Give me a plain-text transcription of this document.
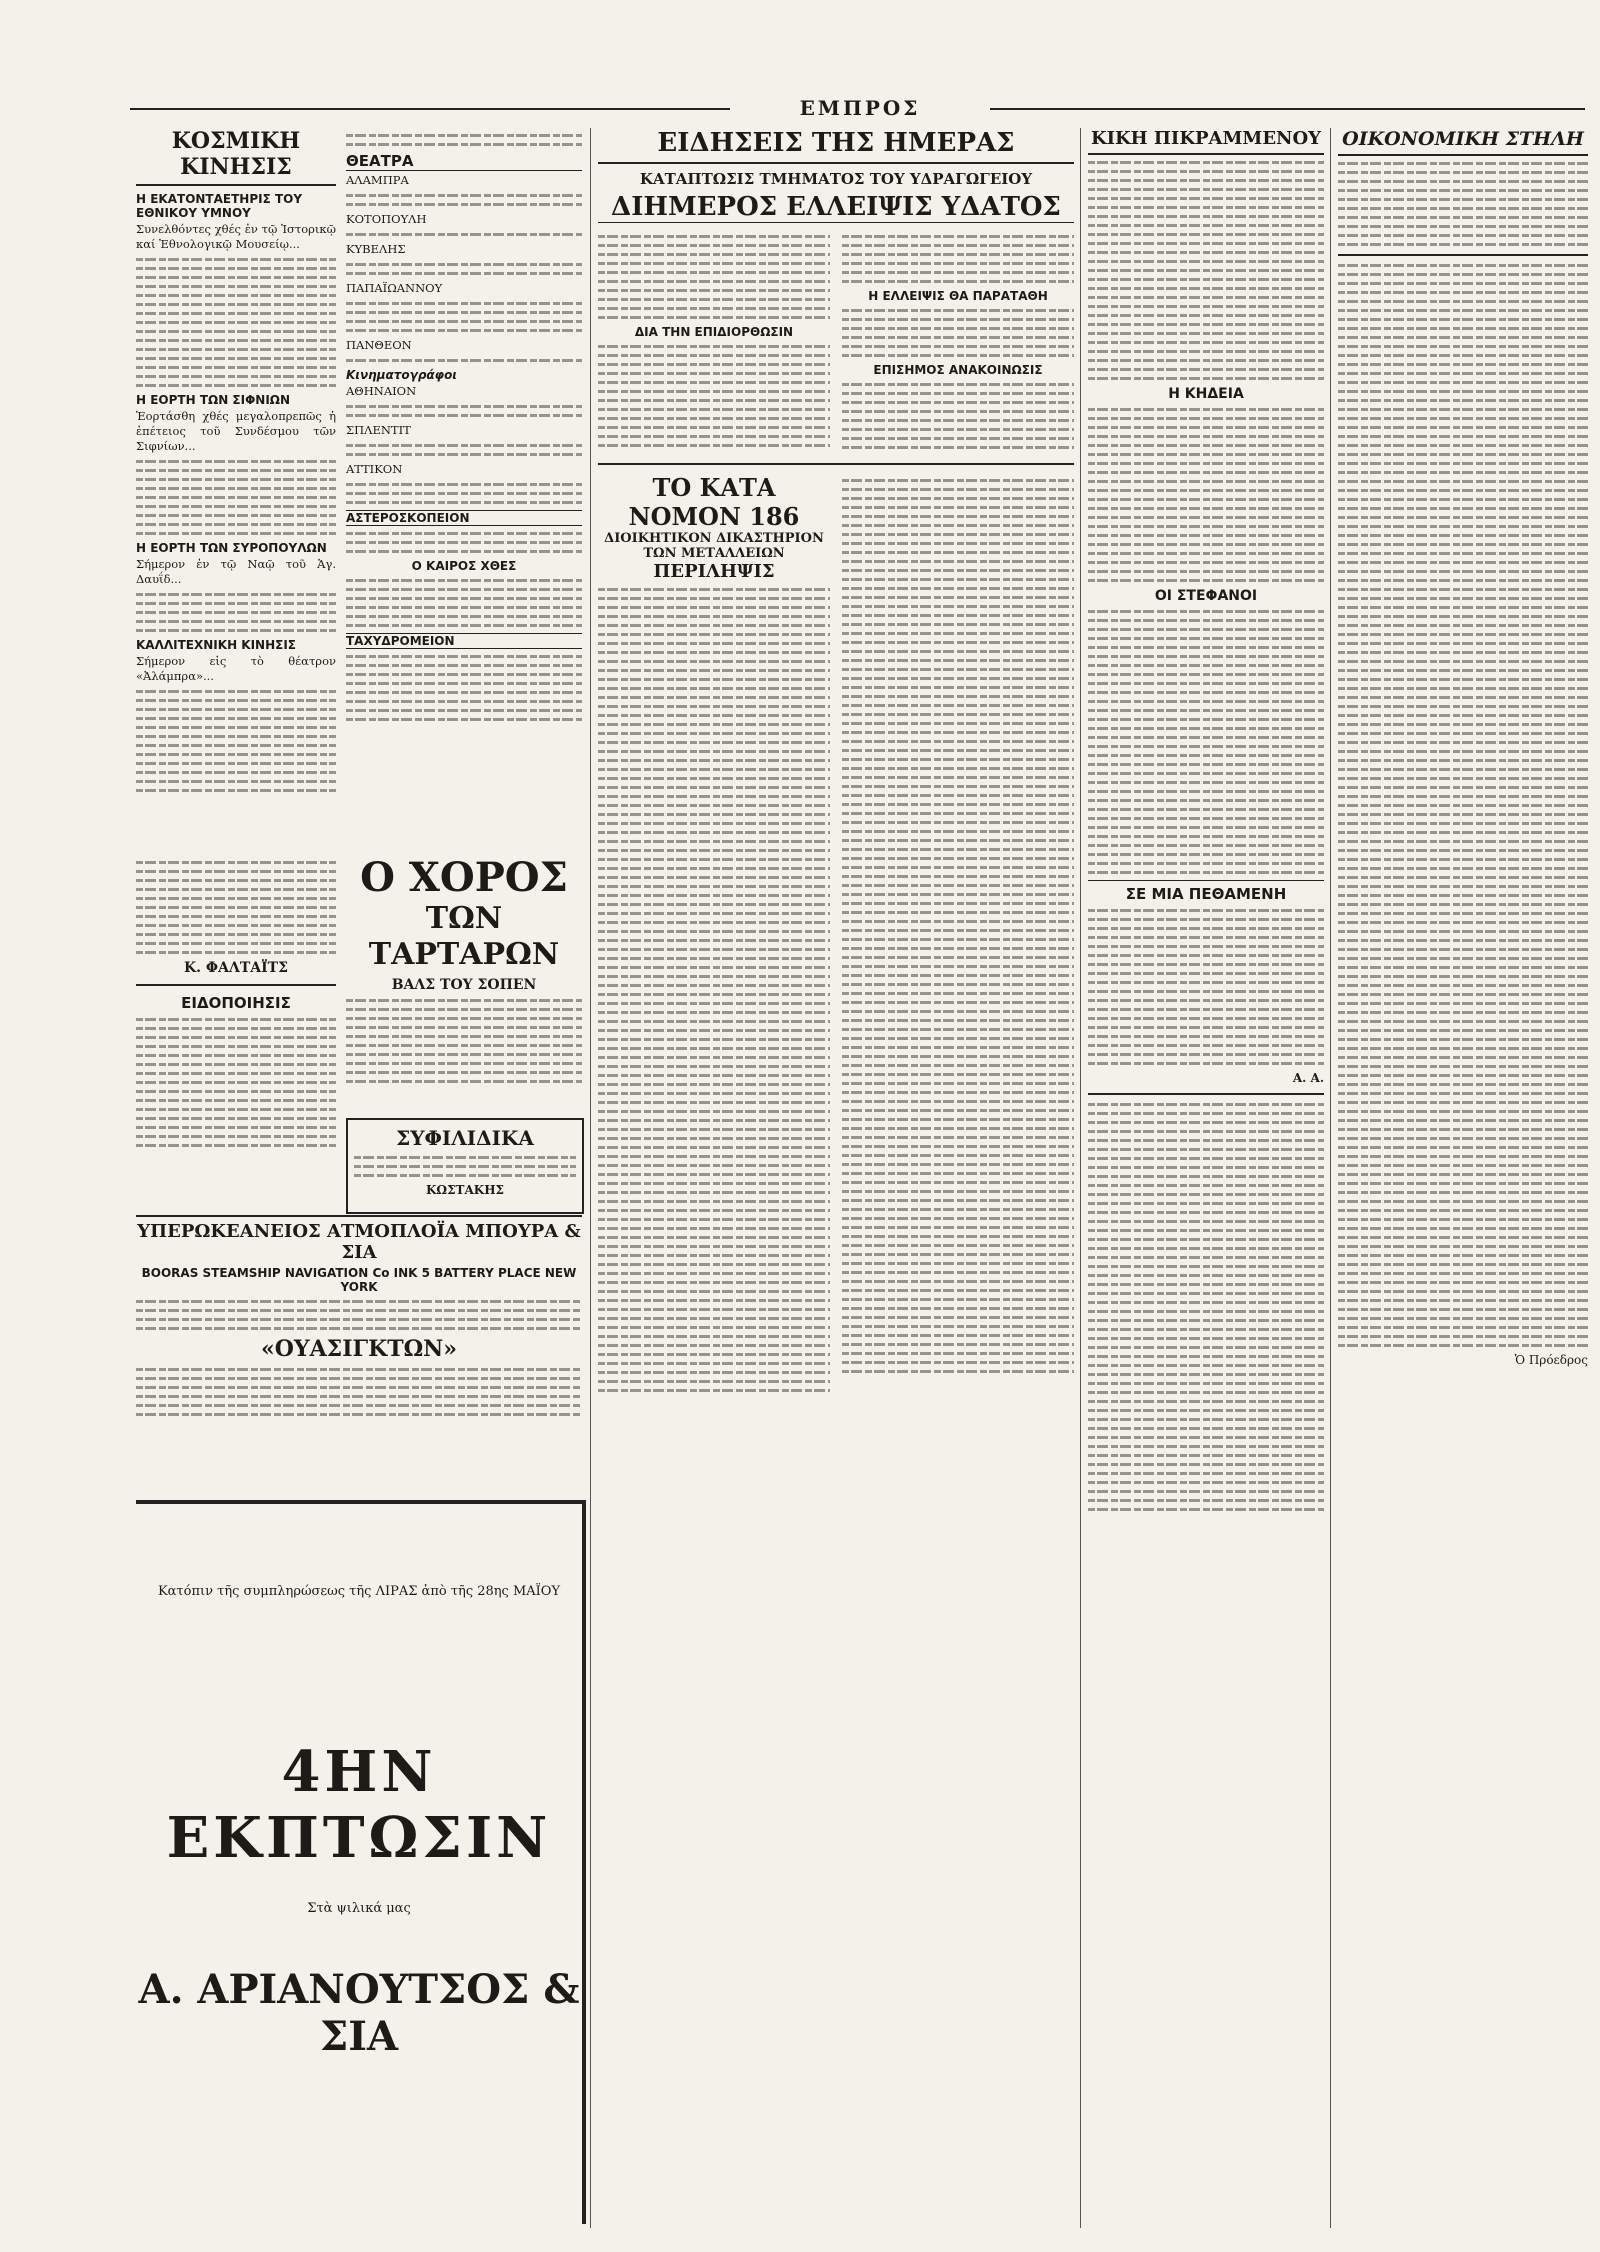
ΕΜΠΡΟΣ
ΚΟΣΜΙΚΗ ΚΙΝΗΣΙΣ
Η ΕΚΑΤΟΝΤΑΕΤΗΡΙΣ ΤΟΥ ΕΘΝΙΚΟΥ ΥΜΝΟΥ

Συνελθόντες χθές ἐν τῷ Ἱστορικῷ καί Ἐθνολογικῷ Μουσείῳ...

Η ΕΟΡΤΗ ΤΩΝ ΣΙΦΝΙΩΝ

Ἑορτάσθη χθές μεγαλοπρεπῶς ἡ ἐπέτειος τοῦ Συνδέσμου τῶν Σιφνίων...

Η ΕΟΡΤΗ ΤΩΝ ΣΥΡΟΠΟΥΛΩΝ

Σήμερον ἐν τῷ Ναῷ τοῦ Ἁγ. Δαυΐδ...

ΚΑΛΛΙΤΕΧΝΙΚΗ ΚΙΝΗΣΙΣ

Σήμερον εἰς τὸ θέατρον «Ἀλάμπρα»...

ΘΕΑΤΡΑ

ΑΛΑΜΠΡΑ

ΚΟΤΟΠΟΥΛΗ

ΚΥΒΕΛΗΣ

ΠΑΠΑΪΩΑΝΝΟΥ

ΠΑΝΘΕΟΝ

Κινηματογράφοι

ΑΘΗΝΑΙΟΝ

ΣΠΛΕΝΤΙΤ

ΑΤΤΙΚΟΝ

ΑΣΤΕΡΟΣΚΟΠΕΙΟΝ
Ο ΚΑΙΡΟΣ ΧΘΕΣ
ΤΑΧΥΔΡΟΜΕΙΟΝ
Κ. ΦΑΛΤΑΪΤΣ
ΕΙΔΟΠΟΙΗΣΙΣ
Ο ΧΟΡΟΣ
ΤΩΝ ΤΑΡΤΑΡΩΝ
ΒΑΛΣ ΤΟΥ ΣΟΠΕΝ
ΣΥΦΙΛΙΔΙΚΑ
ΚΩΣΤΑΚΗΣ
ΥΠΕΡΩΚΕΑΝΕΙΟΣ ΑΤΜΟΠΛΟΪΑ ΜΠΟΥΡΑ & ΣΙΑ
BOORAS STEAMSHIP NAVIGATION Co INK 5 BATTERY PLACE NEW YORK
«ΟΥΑΣΙΓΚΤΩΝ»
Κατόπιν τῆς συμπληρώσεως τῆς ΛΙΡΑΣ ἀπὸ τῆς 28ης ΜΑΪΟΥ
4ΗΝ ΕΚΠΤΩΣΙΝ
Στὰ ψιλικά μας
Α. ΑΡΙΑΝΟΥΤΣΟΣ & ΣΙΑ
ΕΙΔΗΣΕΙΣ ΤΗΣ ΗΜΕΡΑΣ
ΚΑΤΑΠΤΩΣΙΣ ΤΜΗΜΑΤΟΣ ΤΟΥ ΥΔΡΑΓΩΓΕΙΟΥ
ΔΙΗΜΕΡΟΣ ΕΛΛΕΙΨΙΣ ΥΔΑΤΟΣ
ΔΙΑ ΤΗΝ ΕΠΙΔΙΟΡΘΩΣΙΝ
Η ΕΛΛΕΙΨΙΣ ΘΑ ΠΑΡΑΤΑΘΗ
ΕΠΙΣΗΜΟΣ ΑΝΑΚΟΙΝΩΣΙΣ
ΤΟ ΚΑΤΑ ΝΟΜΟΝ 186
ΔΙΟΙΚΗΤΙΚΟΝ ΔΙΚΑΣΤΗΡΙΟΝ ΤΩΝ ΜΕΤΑΛΛΕΙΩΝ
ΠΕΡΙΛΗΨΙΣ
ΚΙΚΗ ΠΙΚΡΑΜΜΕΝΟΥ
Η ΚΗΔΕΙΑ
ΟΙ ΣΤΕΦΑΝΟΙ
ΣΕ ΜΙΑ ΠΕΘΑΜΕΝΗ
Α. Α.
ΟΙΚΟΝΟΜΙΚΗ ΣΤΗΛΗ
Ὁ Πρόεδρος
